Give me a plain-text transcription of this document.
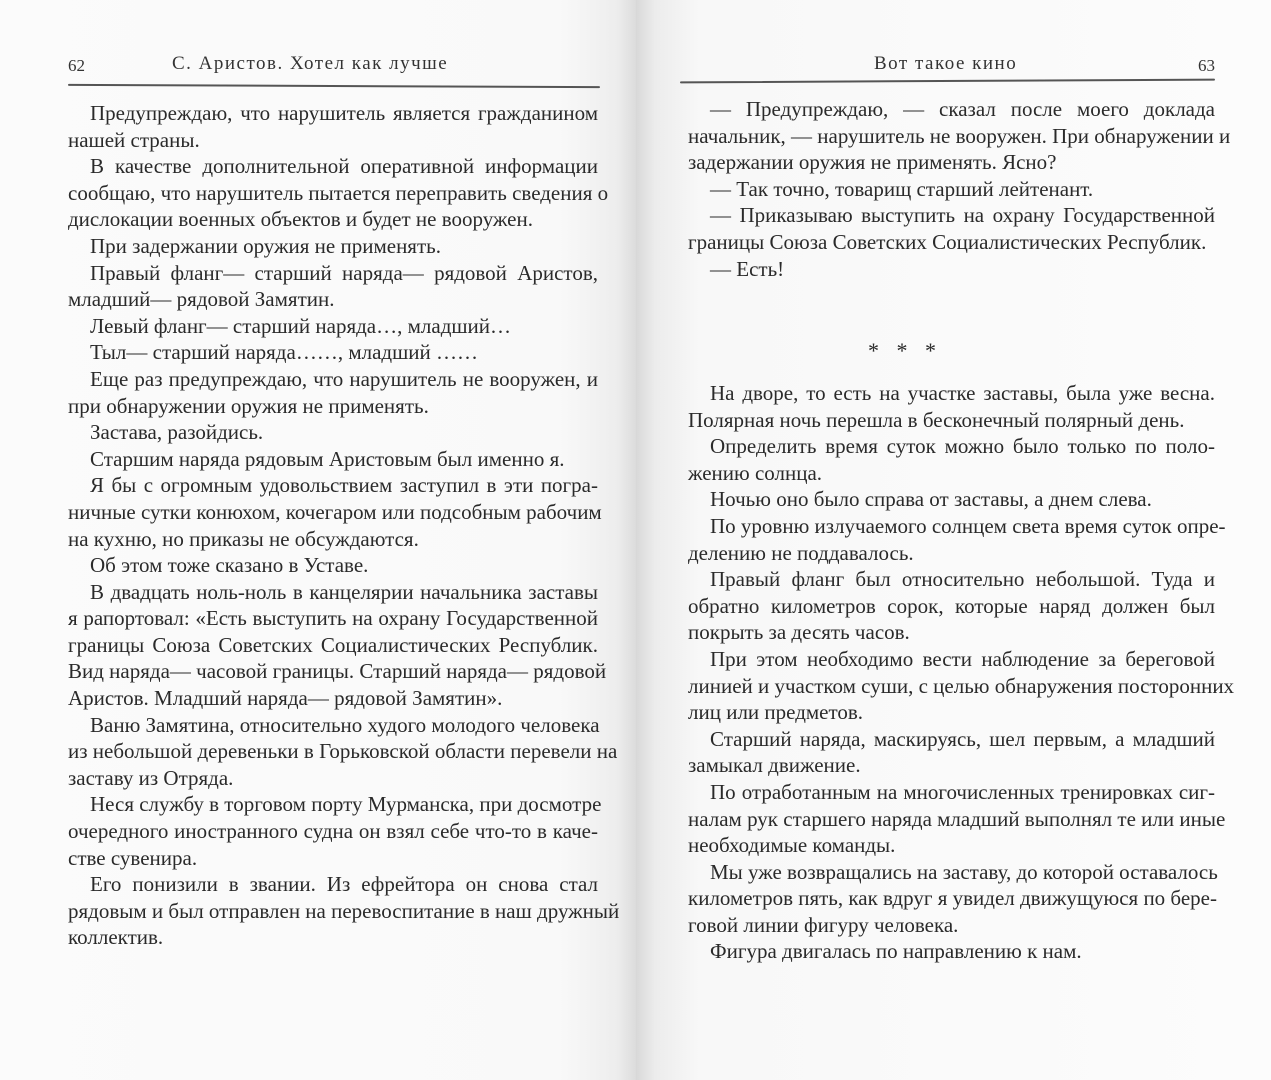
62	С. Аристов. Хотел как лучше
Предупреждаю, что нарушитель является гражданином
нашей страны.
В качестве дополнительной оперативной информации
сообщаю, что нарушитель пытается переправить сведения о
дислокации военных объектов и будет не вооружен.
При задержании оружия не применять.
Правый фланг— старший наряда— рядовой Аристов,
младший— рядовой Замятин.
Левый фланг— старший наряда…, младший…
Тыл— старший наряда……, младший ……
Еще раз предупреждаю, что нарушитель не вооружен, и
при обнаружении оружия не применять.
Застава, разойдись.
Старшим наряда рядовым Аристовым был именно я.
Я бы с огромным удовольствием заступил в эти погра-
ничные сутки конюхом, кочегаром или подсобным рабочим
на кухню, но приказы не обсуждаются.
Об этом тоже сказано в Уставе.
В двадцать ноль-ноль в канцелярии начальника заставы
я рапортовал: «Есть выступить на охрану Государственной
границы Союза Советских Социалистических Республик.
Вид наряда— часовой границы. Старший наряда— рядовой
Аристов. Младший наряда— рядовой Замятин».
Ваню Замятина, относительно худого молодого человека
из небольшой деревеньки в Горьковской области перевели на
заставу из Отряда.
Неся службу в торговом порту Мурманска, при досмотре
очередного иностранного судна он взял себе что-то в каче-
стве сувенира.
Его понизили в звании. Из ефрейтора он снова стал
рядовым и был отправлен на перевоспитание в наш дружный
коллектив.
63
Вот такое кино
— Предупреждаю, — сказал после моего доклада
начальник, — нарушитель не вооружен. При обнаружении и
задержании оружия не применять. Ясно?
— Так точно, товарищ старший лейтенант.
— Приказываю выступить на охрану Государственной
границы Союза Советских Социалистических Республик.
— Есть!
* * *
На дворе, то есть на участке заставы, была уже весна.
Полярная ночь перешла в бесконечный полярный день.
Определить время суток можно было только по поло-
жению солнца.
Ночью оно было справа от заставы, а днем слева.
По уровню излучаемого солнцем света время суток опре-
делению не поддавалось.
Правый фланг был относительно небольшой. Туда и
обратно километров сорок, которые наряд должен был
покрыть за десять часов.
При этом необходимо вести наблюдение за береговой
линией и участком суши, с целью обнаружения посторонних
лиц или предметов.
Старший наряда, маскируясь, шел первым, а младший
замыкал движение.
По отработанным на многочисленных тренировках сиг-
налам рук старшего наряда младший выполнял те или иные
необходимые команды.
Мы уже возвращались на заставу, до которой оставалось
километров пять, как вдруг я увидел движущуюся по бере-
говой линии фигуру человека.
Фигура двигалась по направлению к нам.
